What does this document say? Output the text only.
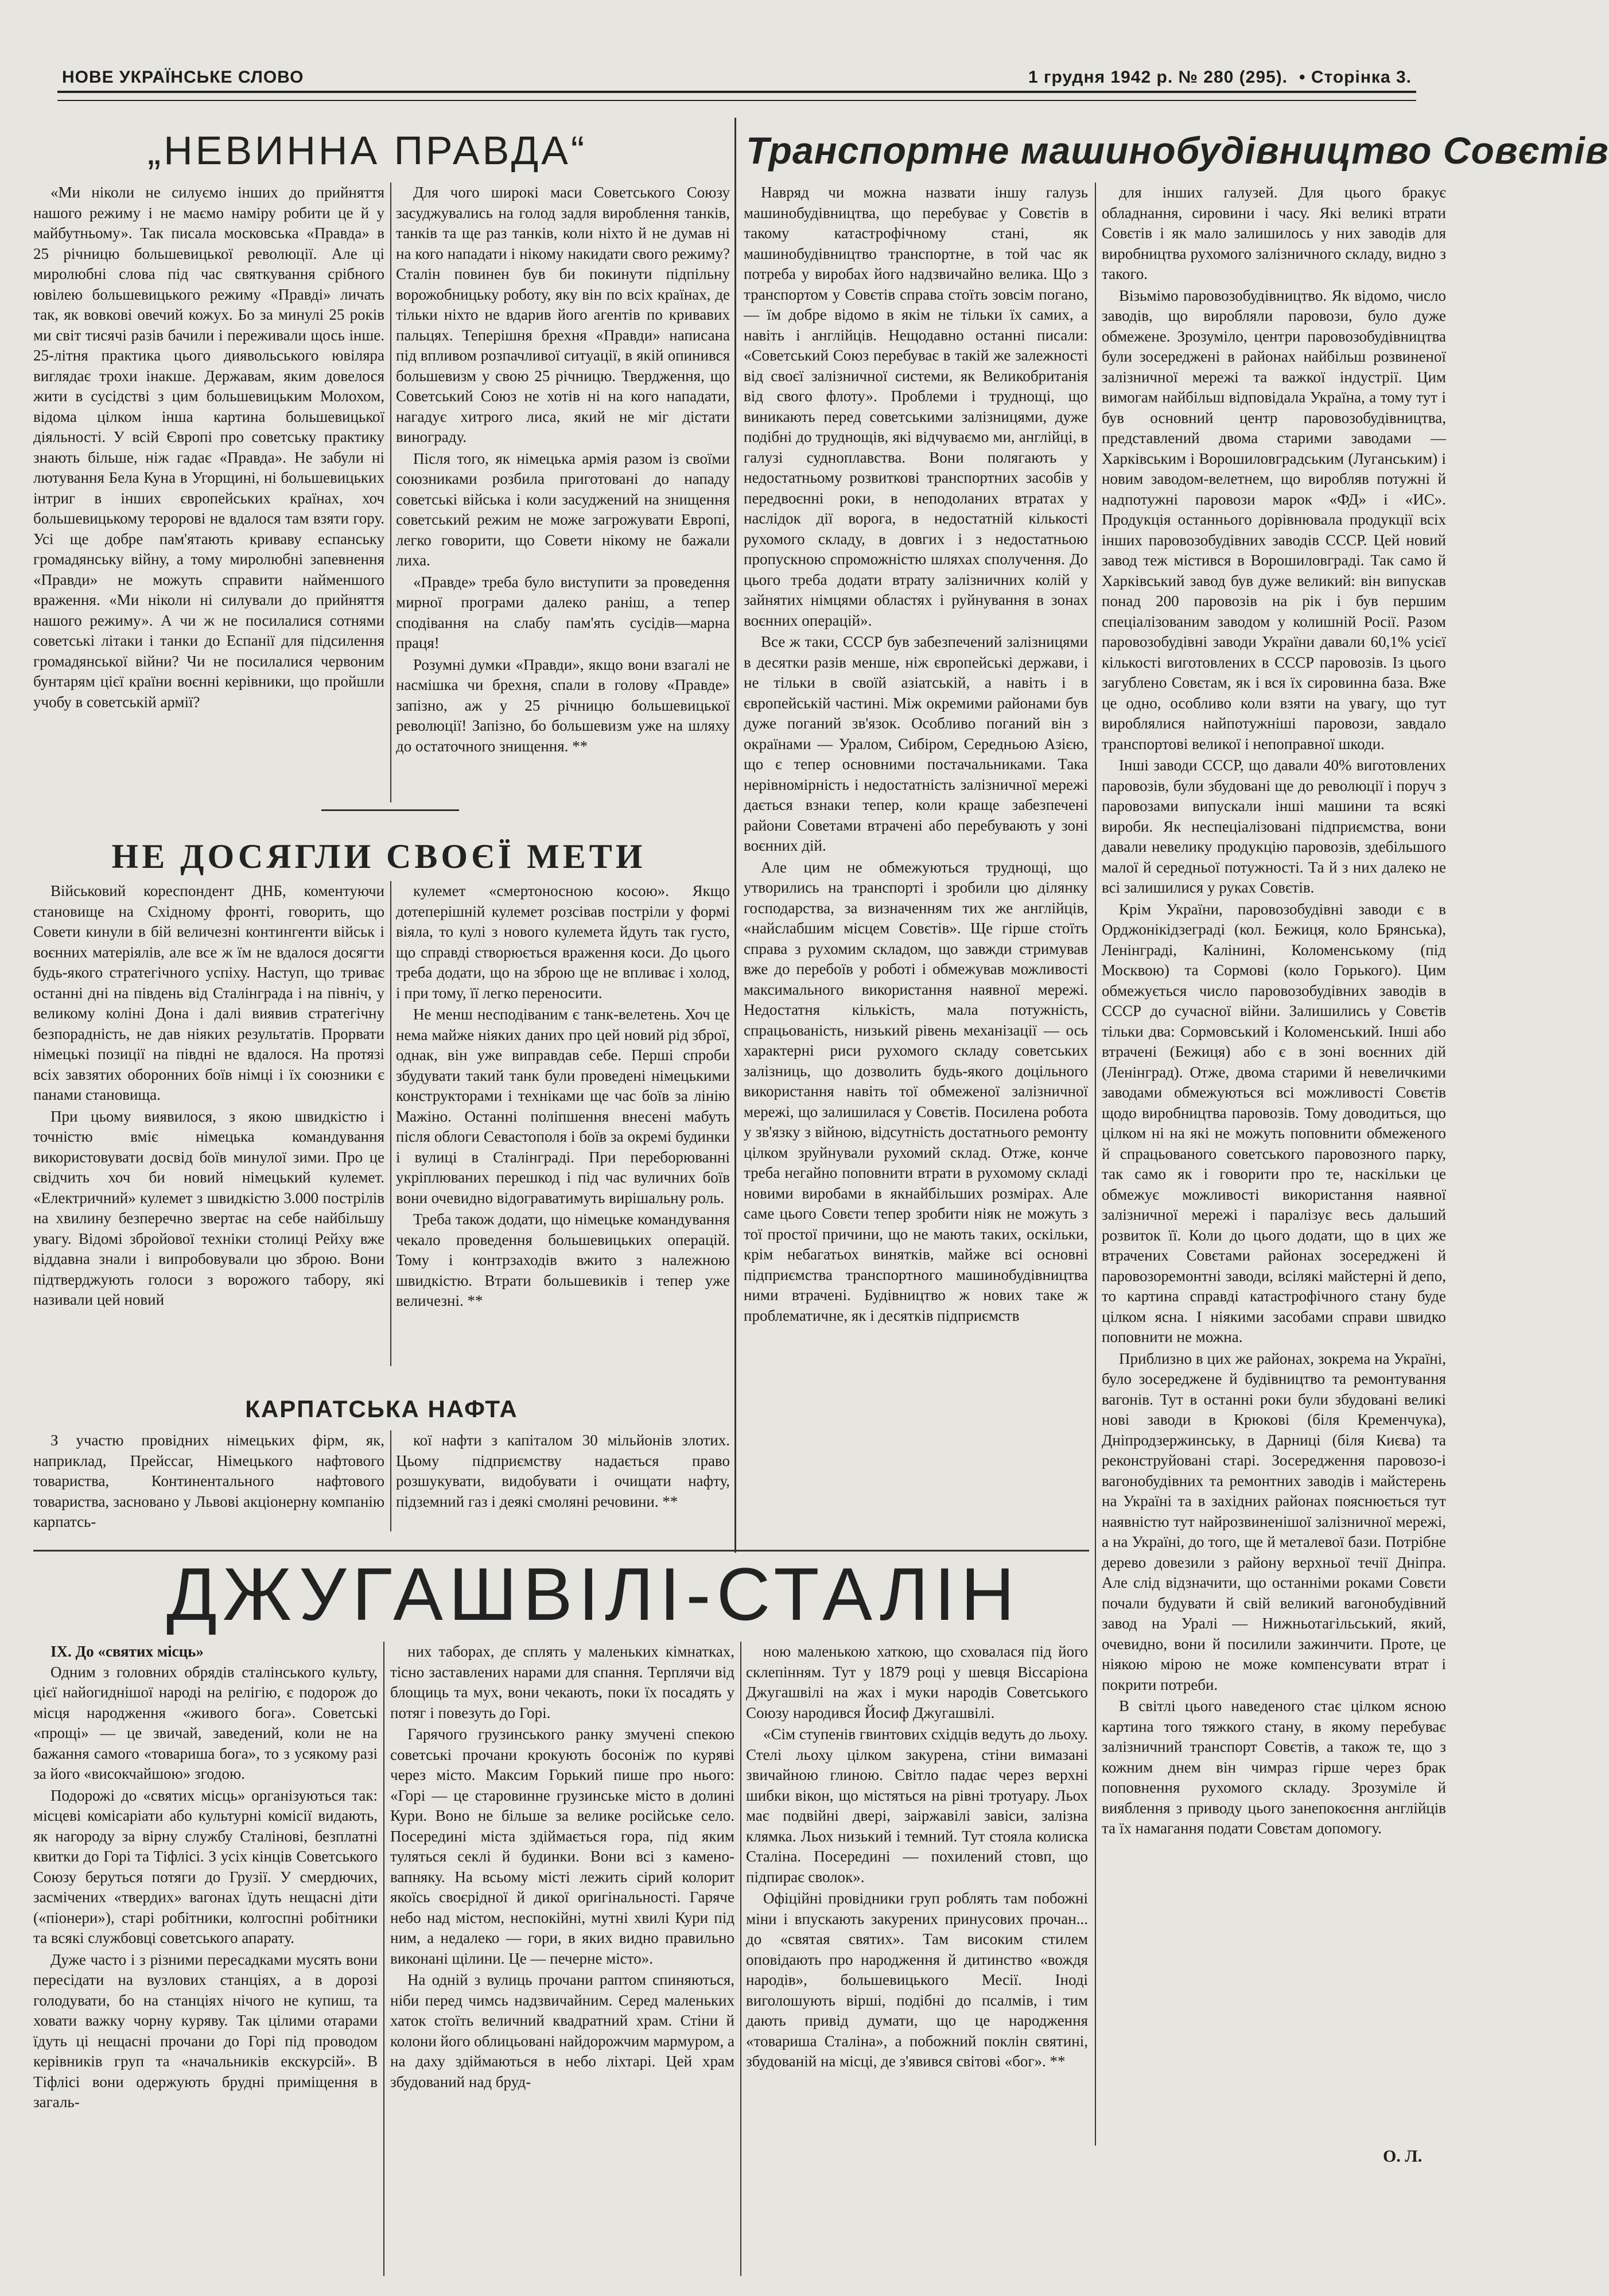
НОВЕ УКРАЇНСЬКЕ СЛОВО	1 грудня 1942 р. № 280 (295). • Сторінка 3.
„НЕВИННА ПРАВДА“

«Ми ніколи не силуємо інших до прийняття нашого режиму і не маємо наміру робити це й у майбутньому». Так писала московська «Правда» в 25 річницю большевицької революції. Але ці миролюбні слова під час святкування срібного ювілею большевицького режиму «Правді» личать так, як вовкові овечий кожух. Бо за минулі 25 років ми світ тисячі разів бачили і переживали щось інше. 25-літня практика цього диявольського ювіляра виглядає трохи інакше. Державам, яким довелося жити в сусідстві з цим большевицьким Молохом, відома цілком інша картина большевицької діяльності. У всій Європі про советську практику знають більше, ніж гадає «Правда». Не забули ні лютування Бела Куна в Угорщині, ні большевицьких інтриг в інших європейських країнах, хоч большевицькому теророві не вдалося там взяти гору. Усі ще добре пам'ятають криваву еспанську громадянську війну, а тому миролюбні запевнення «Правди» не можуть справити найменшого враження. «Ми ніколи ні силували до прийняття нашого режиму». А чи ж не посилалися сотнями советські літаки і танки до Еспанії для підсилення громадянської війни? Чи не посилалися червоним бунтарям цієї країни воєнні керівники, що пройшли учобу в советській армії?

Для чого широкі маси Советського Союзу засуджувались на голод задля вироблення танків, танків та ще раз танків, коли ніхто й не думав ні на кого нападати і нікому накидати свого режиму? Сталін повинен був би покинути підпільну ворожобницьку роботу, яку він по всіх країнах, де тільки ніхто не вдарив його агентів по кривавих пальцях. Теперішня брехня «Правди» написана під впливом розпачливої ситуації, в якій опинився большевизм у свою 25 річницю. Твердження, що Советський Союз не хотів ні на кого нападати, нагадує хитрого лиса, який не міг дістати винограду.

Після того, як німецька армія разом із своїми союзниками розбила приготовані до нападу советські війська і коли засуджений на знищення советський режим не може загрожувати Европі, легко говорити, що Совети нікому не бажали лиха.

«Правде» треба було виступити за проведення мирної програми далеко раніш, а тепер сподівання на слабу пам'ять сусідів—марна праця!

Розумні думки «Правди», якщо вони взагалі не насмішка чи брехня, спали в голову «Правде» запізно, аж у 25 річницю большевицької революції! Запізно, бо большевизм уже на шляху до остаточного знищення. **

НЕ ДОСЯГЛИ СВОЄЇ МЕТИ

Військовий кореспондент ДНБ, коментуючи становище на Східному фронті, говорить, що Совети кинули в бій величезні контингенти військ і воєнних матеріялів, але все ж їм не вдалося досягти будь-якого стратегічного успіху. Наступ, що триває останні дні на південь від Сталінграда і на північ, у великому коліні Дона і далі виявив стратегічну безпорадність, не дав ніяких результатів. Прорвати німецькі позиції на півдні не вдалося. На протязі всіх завзятих оборонних боїв німці і їх союзники є панами становища.

При цьому виявилося, з якою швидкістю і точністю вміє німецька командування використовувати досвід боїв минулої зими. Про це свідчить хоч би новий німецький кулемет. «Електричний» кулемет з швидкістю 3.000 пострілів на хвилину безперечно звертає на себе найбільшу увагу. Відомі збройової техніки столиці Рейху вже віддавна знали і випробовували цю зброю. Вони підтверджують голоси з ворожого табору, які називали цей новий

кулемет «смертоносною косою». Якщо дотеперішній кулемет розсівав постріли у формі віяла, то кулі з нового кулемета йдуть так густо, що справді створюється враження коси. До цього треба додати, що на зброю ще не впливає і холод, і при тому, її легко переносити.

Не менш несподіваним є танк-велетень. Хоч це нема майже ніяких даних про цей новий рід зброї, однак, він уже виправдав себе. Перші спроби збудувати такий танк були проведені німецькими конструкторами і техніками ще час боїв за лінію Мажіно. Останні поліпшення внесені мабуть після облоги Севастополя і боїв за окремі будинки і вулиці в Сталінграді. При переборюванні укріплюваних перешкод і під час вуличних боїв вони очевидно відограватимуть вирішальну роль.

Треба також додати, що німецьке командування чекало проведення большевицьких операцій. Тому і контрзаходів вжито з належною швидкістю. Втрати большевиків і тепер уже величезні. **

КАРПАТСЬКА НАФТА

З участю провідних німецьких фірм, як, наприклад, Прейссаг, Німецького нафтового товариства, Континентального нафтового товариства, засновано у Львові акціонерну компанію карпатсь-

кої нафти з капіталом 30 мільйонів злотих. Цьому підприємству надається право розшукувати, видобувати і очищати нафту, підземний газ і деякі смоляні речовини. **

Транспортне машинобудівництво Совєтів

Навряд чи можна назвати іншу галузь машинобудівництва, що перебуває у Совєтів в такому катастрофічному стані, як машинобудівництво транспортне, в той час як потреба у виробах його надзвичайно велика. Що з транспортом у Совєтів справа стоїть зовсім погано, — їм добре відомо в якім не тільки їх самих, а навіть і англійців. Нещодавно останні писали: «Советський Союз перебуває в такій же залежності від своєї залізничної системи, як Великобританія від свого флоту». Проблеми і труднощі, що виникають перед советськими залізницями, дуже подібні до труднощів, які відчуваємо ми, англійці, в галузі судноплавства. Вони полягають у недостатньому розвиткові транспортних засобів у передвоєнні роки, в неподоланих втратах у наслідок дії ворога, в недостатній кількості рухомого складу, в довгих і з недостатньою пропускною спроможністю шляхах сполучення. До цього треба додати втрату залізничних колій у зайнятих німцями областях і руйнування в зонах воєнних операцій».

Все ж таки, СССР був забезпечений залізницями в десятки разів менше, ніж європейські держави, і не тільки в своїй азіатській, а навіть і в європейській частині. Між окремими районами був дуже поганий зв'язок. Особливо поганий він з окраїнами — Уралом, Сибіром, Середньою Азією, що є тепер основними постачальниками. Така нерівномірність і недостатність залізничної мережі дається взнаки тепер, коли краще забезпечені райони Советами втрачені або перебувають у зоні воєнних дій.

Але цим не обмежуються труднощі, що утворились на транспорті і зробили цю ділянку господарства, за визначенням тих же англійців, «найслабшим місцем Совєтів». Ще гірше стоїть справа з рухомим складом, що завжди стримував вже до перебоїв у роботі і обмежував можливості максимального використання наявної мережі. Недостатня кількість, мала потужність, спрацьованість, низький рівень механізації — ось характерні риси рухомого складу советських залізниць, що дозволить будь-якого доцільного використання навіть тої обмеженої залізничної мережі, що залишилася у Совєтів. Посилена робота у зв'язку з війною, відсутність достатнього ремонту цілком зруйнували рухомий склад. Отже, конче треба негайно поповнити втрати в рухомому складі новими виробами в якнайбільших розмірах. Але саме цього Совєти тепер зробити ніяк не можуть з тої простої причини, що не мають таких, оскільки, крім небагатьох винятків, майже всі основні підприємства транспортного машинобудівництва ними втрачені. Будівництво ж нових таке ж проблематичне, як і десятків підприємств

для інших галузей. Для цього бракує обладнання, сировини і часу. Які великі втрати Совєтів і як мало залишилось у них заводів для виробництва рухомого залізничного складу, видно з такого.

Візьмімо паровозобудівництво. Як відомо, число заводів, що виробляли паровози, було дуже обмежене. Зрозуміло, центри паровозобудівництва були зосереджені в районах найбільш розвиненої залізничної мережі та важкої індустрії. Цим вимогам найбільш відповідала Україна, а тому тут і був основний центр паровозобудівництва, представлений двома старими заводами — Харківським і Ворошиловградським (Луганським) і новим заводом-велетнем, що виробляв потужні й надпотужні паровози марок «ФД» і «ИС». Продукція останнього дорівнювала продукції всіх інших паровозобудівних заводів СССР. Цей новий завод теж містився в Ворошиловграді. Так само й Харківський завод був дуже великий: він випускав понад 200 паровозів на рік і був першим спеціалізованим заводом у колишній Росії. Разом паровозобудівні заводи України давали 60,1% усієї кількості виготовлених в СССР паровозів. Із цього загублено Совєтам, як і вся їх сировинна база. Вже це одно, особливо коли взяти на увагу, що тут вироблялися найпотужніші паровози, завдало транспортові великої і непоправної шкоди.

Інші заводи СССР, що давали 40% виготовлених паровозів, були збудовані ще до революції і поруч з паровозами випускали інші машини та всякі вироби. Як неспеціалізовані підприємства, вони давали невелику продукцію паровозів, здебільшого малої й середньої потужності. Та й з них далеко не всі залишилися у руках Совєтів.

Крім України, паровозобудівні заводи є в Орджонікідзеграді (кол. Бежиця, коло Брянська), Ленінграді, Калінині, Коломенському (під Москвою) та Сормові (коло Горького). Цим обмежується число паровозобудівних заводів в СССР до сучасної війни. Залишились у Совєтів тільки два: Сормовський і Коломенський. Інші або втрачені (Бежиця) або є в зоні воєнних дій (Ленінград). Отже, двома старими й невеличкими заводами обмежуються всі можливості Совєтів щодо виробництва паровозів. Тому доводиться, що цілком ні на які не можуть поповнити обмеженого й спрацьованого советського паровозного парку, так само як і говорити про те, наскільки це обмежує можливості використання наявної залізничної мережі і паралізує весь дальший розвиток її. Коли до цього додати, що в цих же втрачених Совєтами районах зосереджені й паровозоремонтні заводи, всілякі майстерні й депо, то картина справді катастрофічного стану буде цілком ясна. І ніякими засобами справи швидко поповнити не можна.

Приблизно в цих же районах, зокрема на Україні, було зосереджене й будівництво та ремонтування вагонів. Тут в останні роки були збудовані великі нові заводи в Крюкові (біля Кременчука), Дніпродзержинську, в Дарниці (біля Києва) та реконструйовані старі. Зосередження паровозо-і вагонобудівних та ремонтних заводів і майстерень на Україні та в західних районах пояснюється тут наявністю тут найрозвиненішої залізничної мережі, а на Україні, до того, ще й металевої бази. Потрібне дерево довезили з району верхньої течії Дніпра. Але слід відзначити, що останніми роками Совєти почали будувати й свій великий вагонобудівний завод на Уралі — Нижньотагільський, який, очевидно, вони й посилили зажинчити. Проте, це ніякою мірою не може компенсувати втрат і покрити потреби.

В світлі цього наведеного стає цілком ясною картина того тяжкого стану, в якому перебуває залізничний транспорт Совєтів, а також те, що з кожним днем він чимраз гірше через брак поповнення рухомого складу. Зрозуміле й вияблення з приводу цього занепокоєння англійців та їх намагання подати Совєтам допомогу.

О. Л.
ДЖУГАШВІЛІ-СТАЛІН

IX. До «святих місць»

Одним з головних обрядів сталінського культу, цієї найогиднішої народі на релігію, є подорож до місця народження «живого бога». Советські «прощі» — це звичай, заведений, коли не на бажання самого «товариша бога», то з усякому разі за його «високчайшою» згодою.

Подорожі до «святих місць» організуються так: місцеві комісаріати або культурні комісії видають, як нагороду за вірну службу Сталінові, безплатні квитки до Горі та Тіфлісі. З усіх кінців Советського Союзу беруться потяги до Грузії. У смердючих, засмічених «твердих» вагонах їдуть нещасні діти («піонери»), старі робітники, колгоспні робітники та всякі службовці советського апарату.

Дуже часто і з різними пересадками мусять вони пересідати на вузлових станціях, а в дорозі голодувати, бо на станціях нічого не купиш, та ховати важку чорну куряву. Так цілими отарами їдуть ці нещасні прочани до Горі під проводом керівників груп та «начальників екскурсій». В Тіфлісі вони одержують брудні приміщення в загаль-

них таборах, де сплять у маленьких кімнатках, тісно заставлених нарами для спання. Терплячи від блощиць та мух, вони чекають, поки їх посадять у потяг і повезуть до Горі.

Гарячого грузинського ранку змучені спекою советські прочани крокують босоніж по куряві через місто. Максим Горький пише про нього: «Горі — це старовинне грузинське місто в долині Кури. Воно не більше за велике російське село. Посередині міста здіймається гора, під яким туляться секлі й будинки. Вони всі з камено-вапняку. На всьому місті лежить сірий колорит якоїсь своєрідної й дикої оригінальності. Гаряче небо над містом, неспокійні, мутні хвилі Кури під ним, а недалеко — гори, в яких видно правильно виконані щілини. Це — печерне місто».

На одній з вулиць прочани раптом спиняються, ніби перед чимсь надзвичайним. Серед маленьких хаток стоїть величний квадратний храм. Стіни й колони його облицьовані найдорожчим мармуром, а на даху здіймаються в небо ліхтарі. Цей храм збудований над бруд-

ною маленькою хаткою, що сховалася під його склепінням. Тут у 1879 році у шевця Віссаріона Джугашвілі на жах і муки народів Советського Союзу народився Йосиф Джугашвілі.

«Сім ступенів гвинтових східців ведуть до льоху. Стелі льоху цілком закурена, стіни вимазані звичайною глиною. Світло падає через верхні шибки вікон, що містяться на рівні тротуару. Льох має подвійні двері, заіржавілі завіси, залізна клямка. Льох низький і темний. Тут стояла колиска Сталіна. Посередині — похилений стовп, що підпирає сволок».

Офіційні провідники груп роблять там побожні міни і впускають закурених принусових прочан... до «святая святих». Там високим стилем оповідають про народження й дитинство «вождя народів», большевицького Месії. Іноді виголошують вірші, подібні до псалмів, і тим дають привід думати, що це народження «товариша Сталіна», а побожний поклін святині, збудованій на місці, де з'явився світові «бог». **
